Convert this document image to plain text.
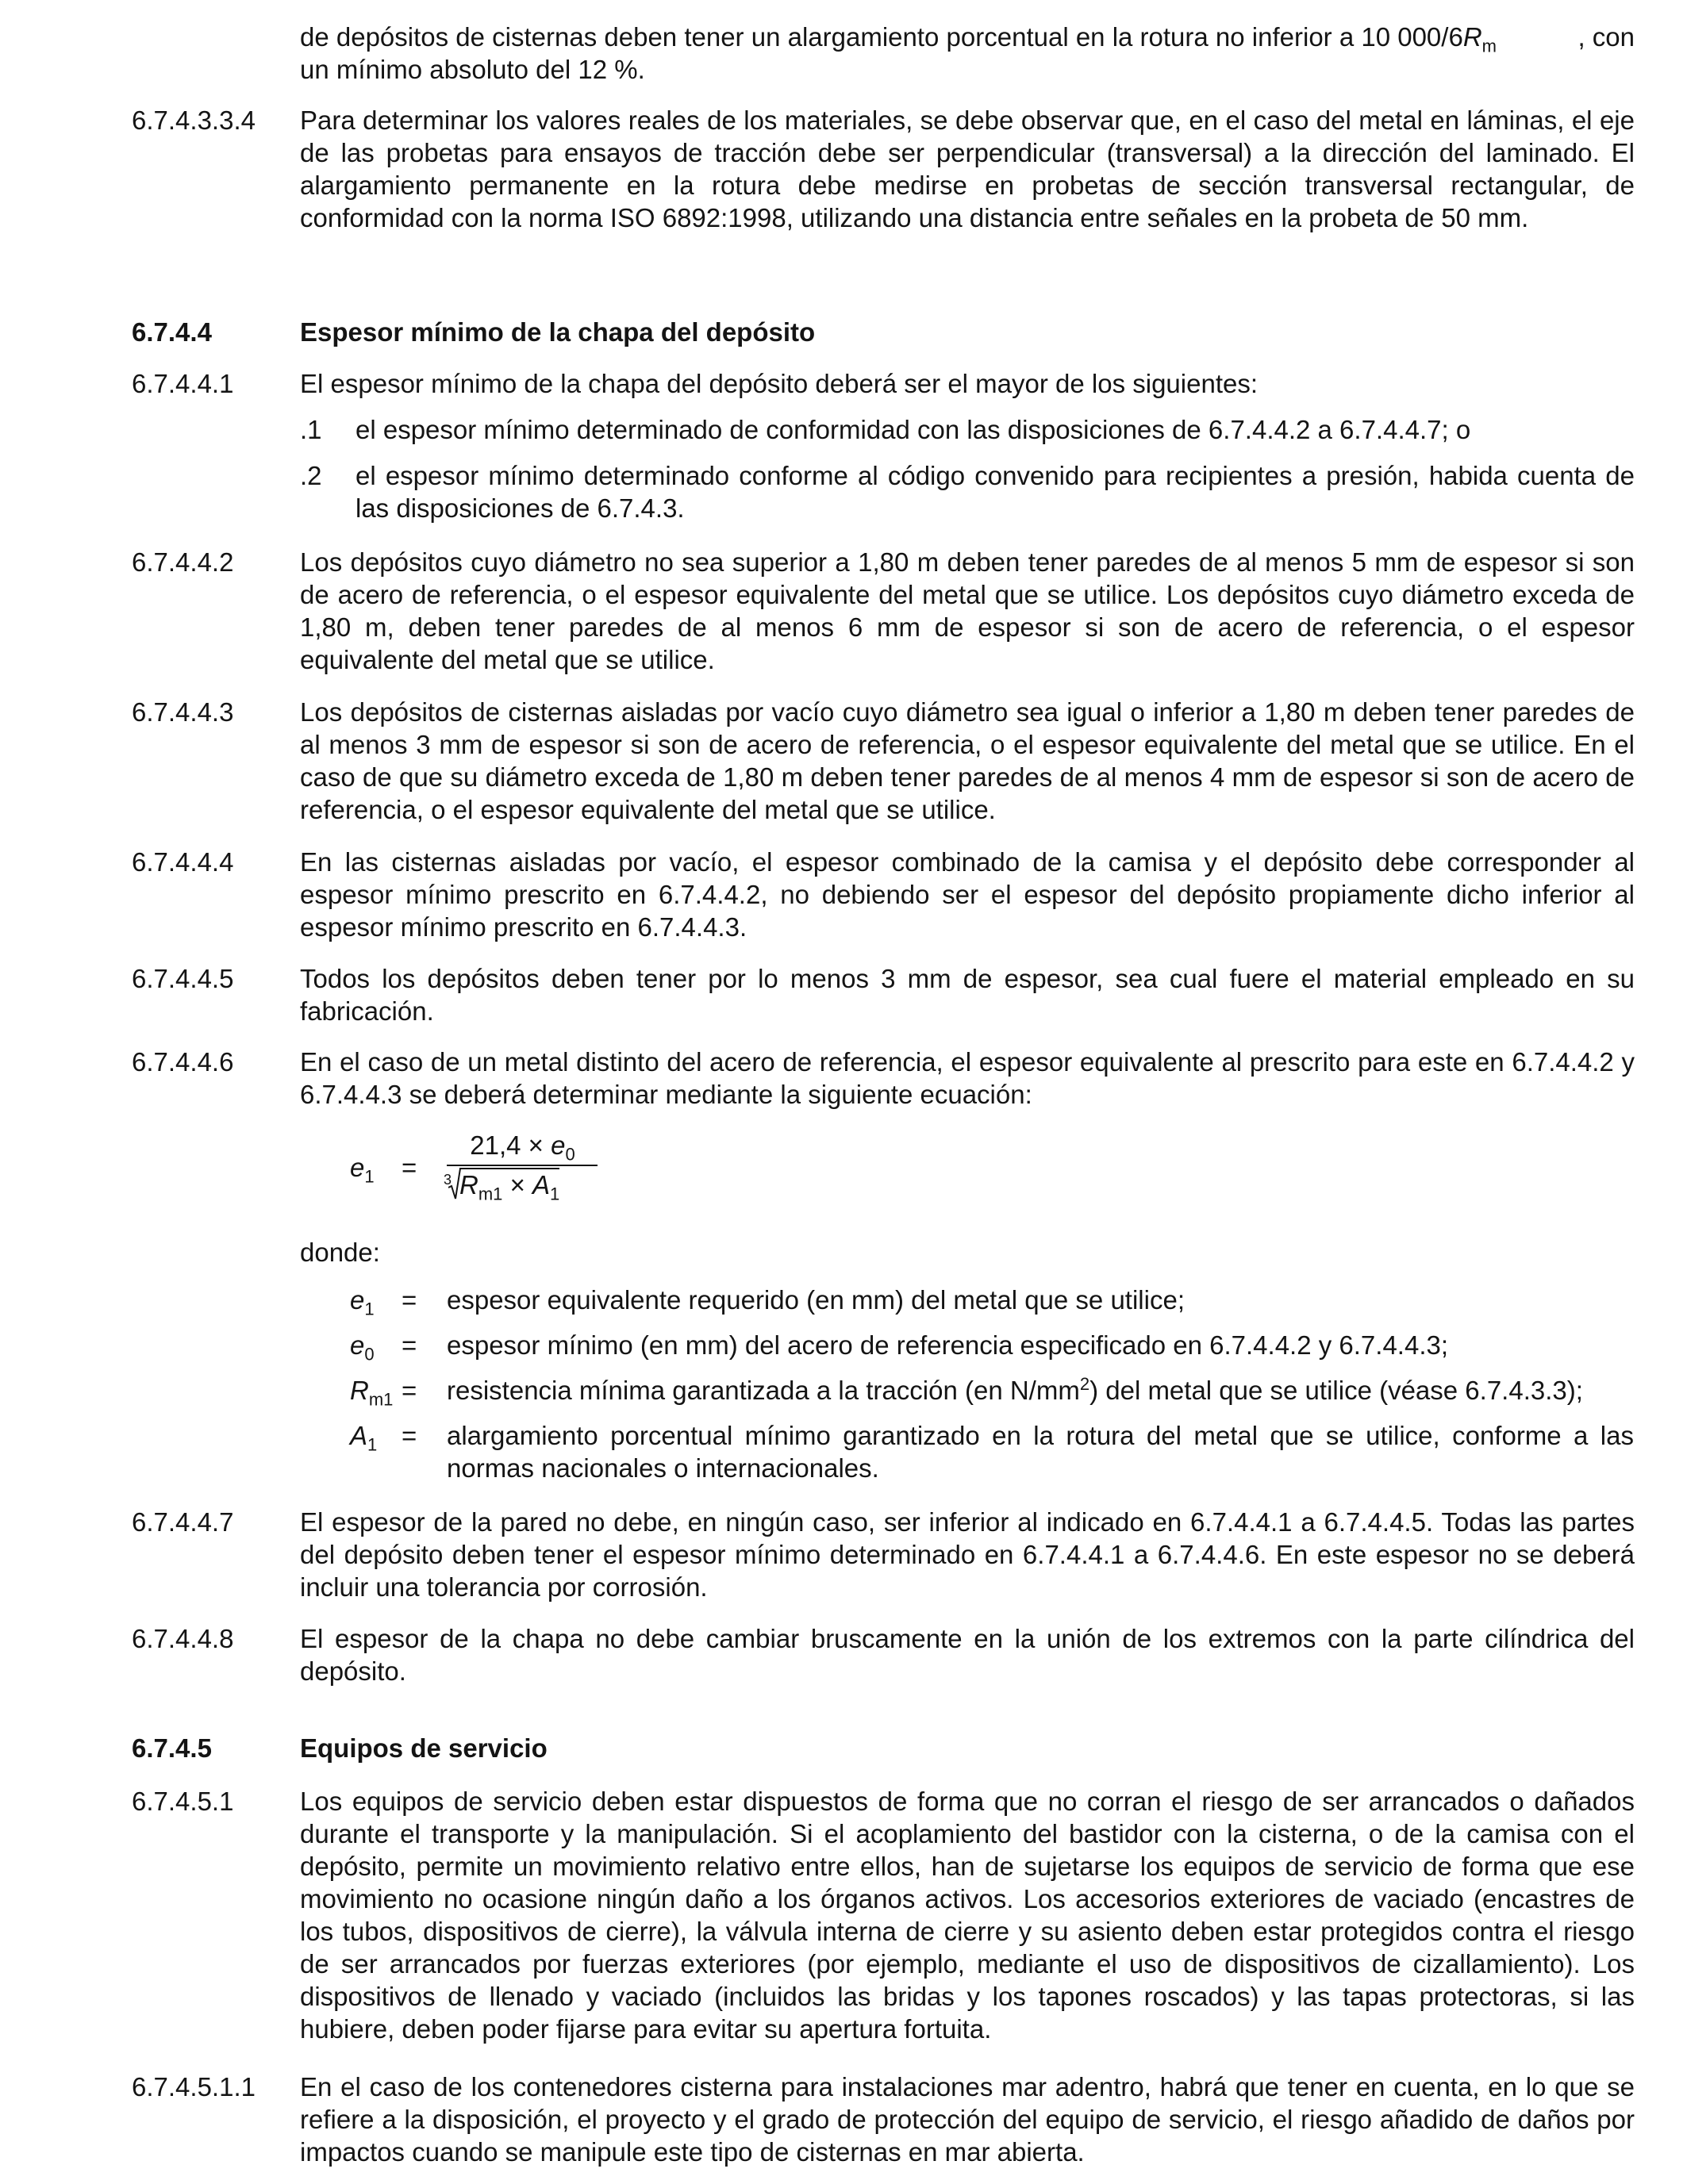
de depósitos de cisternas deben tener un alargamiento porcentual en la rotura no inferior a 10 $000/6R_m$	, con
un mínimo absoluto del 12 %.
6.7.4.3.3.4	Para determinar los valores reales de los materiales, se debe observar que, en el caso del metal en láminas, el eje de las probetas para ensayos de tracción debe ser perpendicular (transversal) a la dirección del laminado. El alargamiento permanente en la rotura debe medirse en probetas de sección transversal rectangular, de conformidad con la norma ISO 6892:1998, utilizando una distancia entre señales en la probeta de 50 mm.
6.7.4.4	Espesor mínimo de la chapa del depósito
6.7.4.4.1	El espesor mínimo de la chapa del depósito deberá ser el mayor de los siguientes:
.1 el espesor mínimo determinado de conformidad con las disposiciones de 6.7.4.4.2 a 6.7.4.4.7; o
.2 el espesor mínimo determinado conforme al código convenido para recipientes a presión, habida cuenta de las disposiciones de 6.7.4.3.
6.7.4.4.2	Los depósitos cuyo diámetro no sea superior a 1,80 m deben tener paredes de al menos 5 mm de espesor si son de acero de referencia, o el espesor equivalente del metal que se utilice. Los depósitos cuyo diámetro exceda de 1,80 m, deben tener paredes de al menos 6 mm de espesor si son de acero de referencia, o el espesor equivalente del metal que se utilice.
6.7.4.4.3	Los depósitos de cisternas aisladas por vacío cuyo diámetro sea igual o inferior a 1,80 m deben tener paredes de al menos 3 mm de espesor si son de acero de referencia, o el espesor equivalente del metal que se utilice. En el caso de que su diámetro exceda de 1,80 m deben tener paredes de al menos 4 mm de espesor si son de acero de referencia, o el espesor equivalente del metal que se utilice.
6.7.4.4.4	En las cisternas aisladas por vacío, el espesor combinado de la camisa y el depósito debe corresponder al espesor mínimo prescrito en 6.7.4.4.2, no debiendo ser el espesor del depósito propiamente dicho inferior al espesor mínimo prescrito en 6.7.4.4.3.
6.7.4.4.5	Todos los depósitos deben tener por lo menos 3 mm de espesor, sea cual fuere el material empleado en su fabricación.
6.7.4.4.6	En el caso de un metal distinto del acero de referencia, el espesor equivalente al prescrito para este en 6.7.4.4.2 y 6.7.4.4.3 se deberá determinar mediante la siguiente ecuación:
$e_1$ =
$21,4 \times e_0$
3 $R_{m1} \times A_1$
donde:
$e_1$ = espesor equivalente requerido (en mm) del metal que se utilice;
$e_0$ = espesor mínimo (en mm) del acero de referencia especificado en 6.7.4.4.2 y 6.7.4.4.3;
$R_{m1}$ = resistencia mínima garantizada a la tracción (en $N/mm^2$) del metal que se utilice (véase 6.7.4.3.3);
$A_1$ = alargamiento porcentual mínimo garantizado en la rotura del metal que se utilice, conforme a las normas nacionales o internacionales.
6.7.4.4.7	El espesor de la pared no debe, en ningún caso, ser inferior al indicado en 6.7.4.4.1 a 6.7.4.4.5. Todas las partes del depósito deben tener el espesor mínimo determinado en 6.7.4.4.1 a 6.7.4.4.6. En este espesor no se deberá incluir una tolerancia por corrosión.
6.7.4.4.8	El espesor de la chapa no debe cambiar bruscamente en la unión de los extremos con la parte cilíndrica del depósito.
6.7.4.5	Equipos de servicio
6.7.4.5.1	Los equipos de servicio deben estar dispuestos de forma que no corran el riesgo de ser arrancados o dañados durante el transporte y la manipulación. Si el acoplamiento del bastidor con la cisterna, o de la camisa con el depósito, permite un movimiento relativo entre ellos, han de sujetarse los equipos de servicio de forma que ese movimiento no ocasione ningún daño a los órganos activos. Los accesorios exteriores de vaciado (encastres de los tubos, dispositivos de cierre), la válvula interna de cierre y su asiento deben estar protegidos contra el riesgo de ser arrancados por fuerzas exteriores (por ejemplo, mediante el uso de dispositivos de cizallamiento). Los dispositivos de llenado y vaciado (incluidos las bridas y los tapones roscados) y las tapas protectoras, si las hubiere, deben poder fijarse para evitar su apertura fortuita.
6.7.4.5.1.1	En el caso de los contenedores cisterna para instalaciones mar adentro, habrá que tener en cuenta, en lo que se refiere a la disposición, el proyecto y el grado de protección del equipo de servicio, el riesgo añadido de daños por impactos cuando se manipule este tipo de cisternas en mar abierta.
